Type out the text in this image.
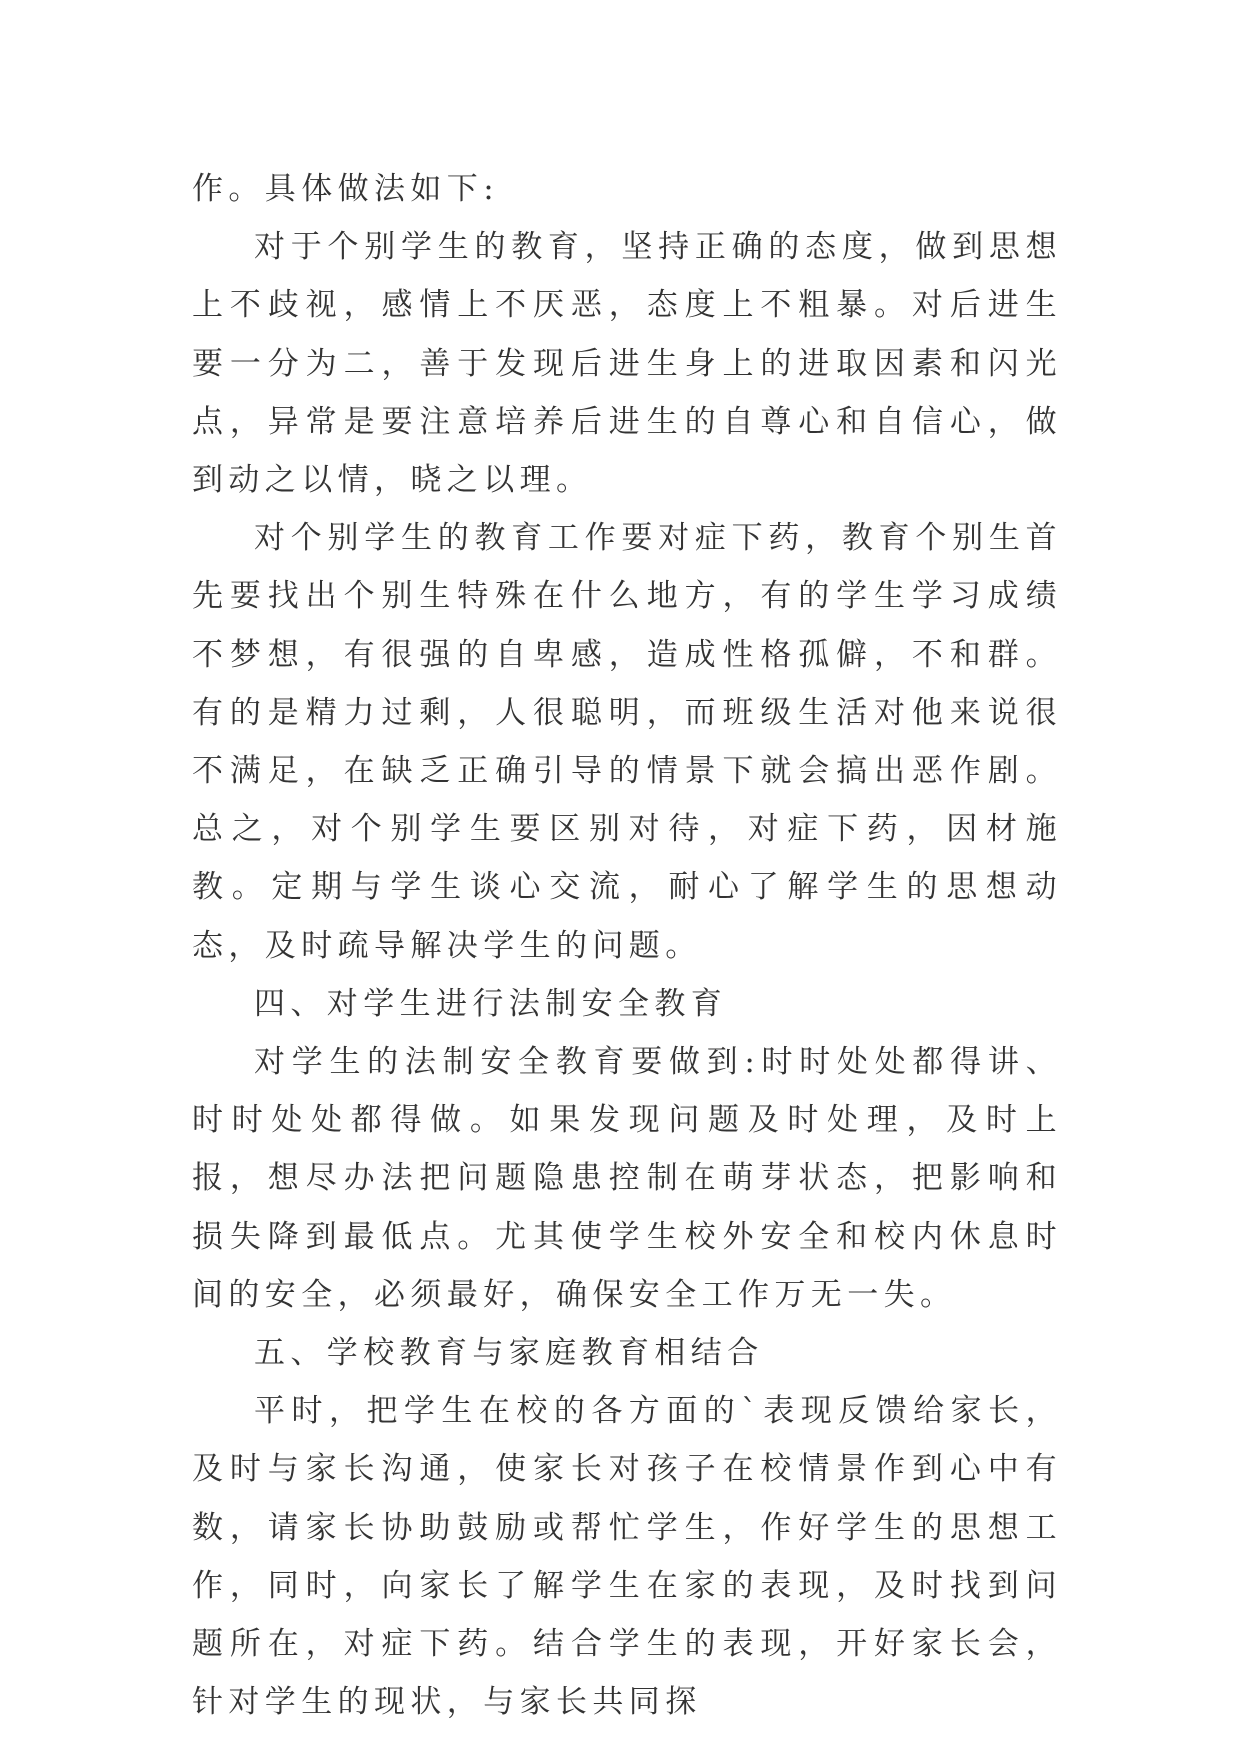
作。具体做法如下:

对于个别学生的教育，坚持正确的态度，做到思想上不歧视，感情上不厌恶，态度上不粗暴。对后进生要一分为二，善于发现后进生身上的进取因素和闪光点，异常是要注意培养后进生的自尊心和自信心，做到动之以情，晓之以理。

对个别学生的教育工作要对症下药，教育个别生首先要找出个别生特殊在什么地方，有的学生学习成绩不梦想，有很强的自卑感，造成性格孤僻，不和群。有的是精力过剩，人很聪明，而班级生活对他来说很不满足，在缺乏正确引导的情景下就会搞出恶作剧。总之，对个别学生要区别对待，对症下药，因材施教。定期与学生谈心交流，耐心了解学生的思想动态，及时疏导解决学生的问题。

四、对学生进行法制安全教育

对学生的法制安全教育要做到:时时处处都得讲、时时处处都得做。如果发现问题及时处理，及时上报，想尽办法把问题隐患控制在萌芽状态，把影响和损失降到最低点。尤其使学生校外安全和校内休息时间的安全，必须最好，确保安全工作万无一失。

五、学校教育与家庭教育相结合

平时，把学生在校的各方面的`表现反馈给家长，及时与家长沟通，使家长对孩子在校情景作到心中有数，请家长协助鼓励或帮忙学生，作好学生的思想工作，同时，向家长了解学生在家的表现，及时找到问题所在，对症下药。结合学生的表现，开好家长会，针对学生的现状，与家长共同探
